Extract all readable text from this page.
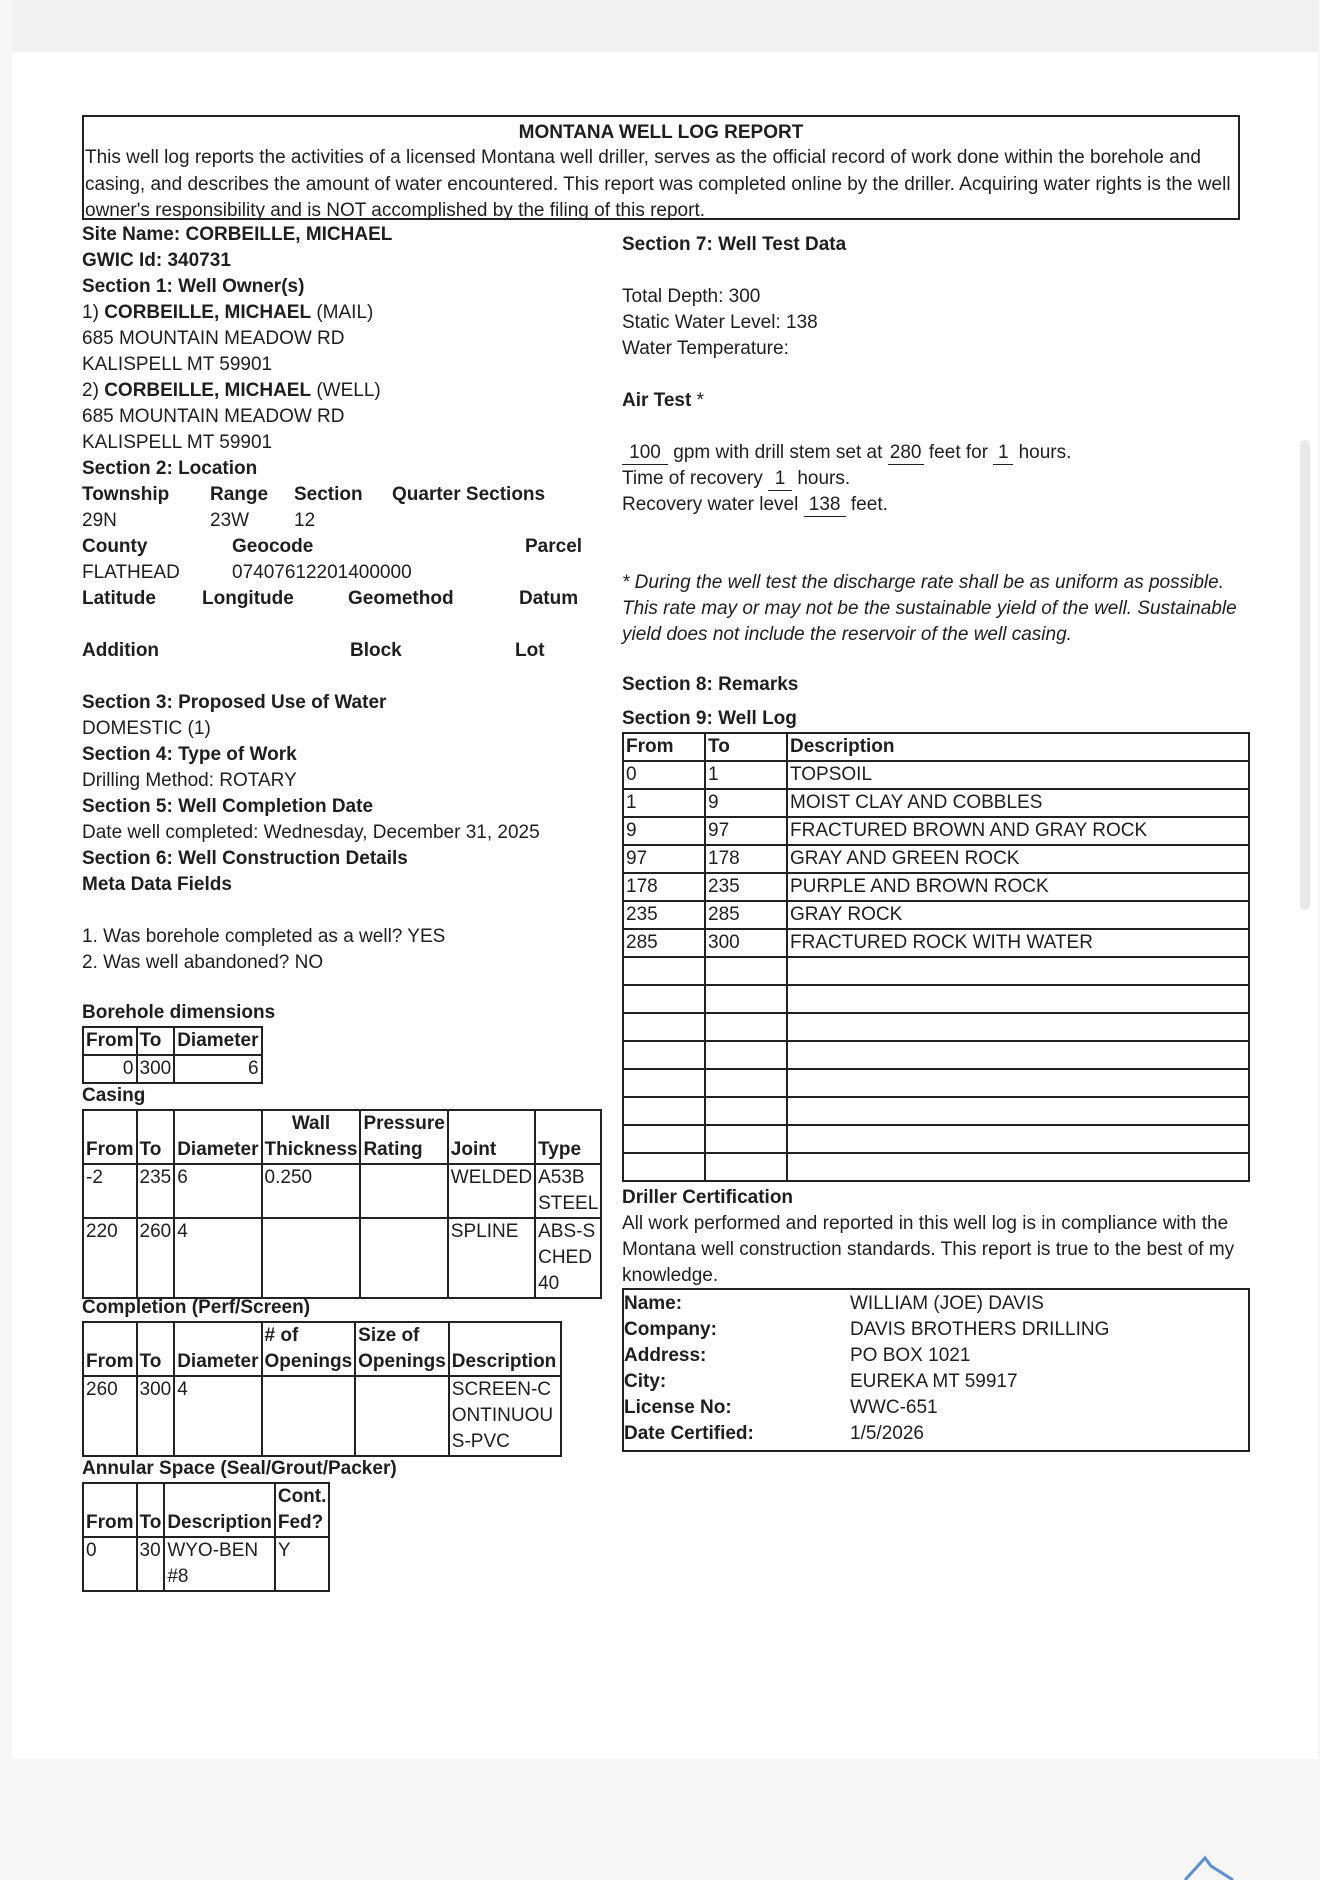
MONTANA WELL LOG REPORT
This well log reports the activities of a licensed Montana well driller, serves as the official record of work done within the borehole and casing, and describes the amount of water encountered. This report was completed online by the driller. Acquiring water rights is the well owner's responsibility and is NOT accomplished by the filing of this report.
Site Name: CORBEILLE, MICHAEL
GWIC Id: 340731
Section 1: Well Owner(s)
1) CORBEILLE, MICHAEL (MAIL)
685 MOUNTAIN MEADOW RD
KALISPELL MT 59901
2) CORBEILLE, MICHAEL (WELL)
685 MOUNTAIN MEADOW RD
KALISPELL MT 59901
Section 2: Location
Township Range Section Quarter Sections
29N	23W 12
County	Geocode	Parcel
FLATHEAD	07407612201400000
Latitude Longitude	Geomethod	Datum
Addition	Block	Lot
Section 3: Proposed Use of Water
DOMESTIC (1)
Section 4: Type of Work
Drilling Method: ROTARY
Section 5: Well Completion Date
Date well completed: Wednesday, December 31, 2025
Section 6: Well Construction Details
Meta Data Fields
1. Was borehole completed as a well? YES
2. Was well abandoned? NO
Borehole dimensions
From	To	Diameter
0	300	6
Casing
From	To	Diameter	Wall Thickness	Pressure Rating	Joint	Type
-2	235	6	0.250		WELDED	A53B STEEL
220	260	4			SPLINE	ABS-SCHED 40
Completion (Perf/Screen)
From	To	Diameter	# of Openings	Size of Openings	Description
260	300	4			SCREEN-CONTINUOUS-PVC
Annular Space (Seal/Grout/Packer)
From	To	Description	Cont. Fed?
0	30	WYO-BEN #8	Y
Section 7: Well Test Data
Total Depth: 300
Static Water Level: 138
Water Temperature:
Air Test *
100 gpm with drill stem set at 280 feet for 1 hours.
Time of recovery 1 hours.
Recovery water level 138 feet.
* During the well test the discharge rate shall be as uniform as possible. This rate may or may not be the sustainable yield of the well. Sustainable yield does not include the reservoir of the well casing.
Section 8: Remarks
Section 9: Well Log
From	To	Description
0	1	TOPSOIL
1	9	MOIST CLAY AND COBBLES
9	97	FRACTURED BROWN AND GRAY ROCK
97	178	GRAY AND GREEN ROCK
178	235	PURPLE AND BROWN ROCK
235	285	GRAY ROCK
285	300	FRACTURED ROCK WITH WATER

Driller Certification
All work performed and reported in this well log is in compliance with the Montana well construction standards. This report is true to the best of my knowledge.
Name:	WILLIAM (JOE) DAVIS
Company:	DAVIS BROTHERS DRILLING
Address:	PO BOX 1021
City:	EUREKA MT 59917
License No:	WWC-651
Date Certified:	1/5/2026
